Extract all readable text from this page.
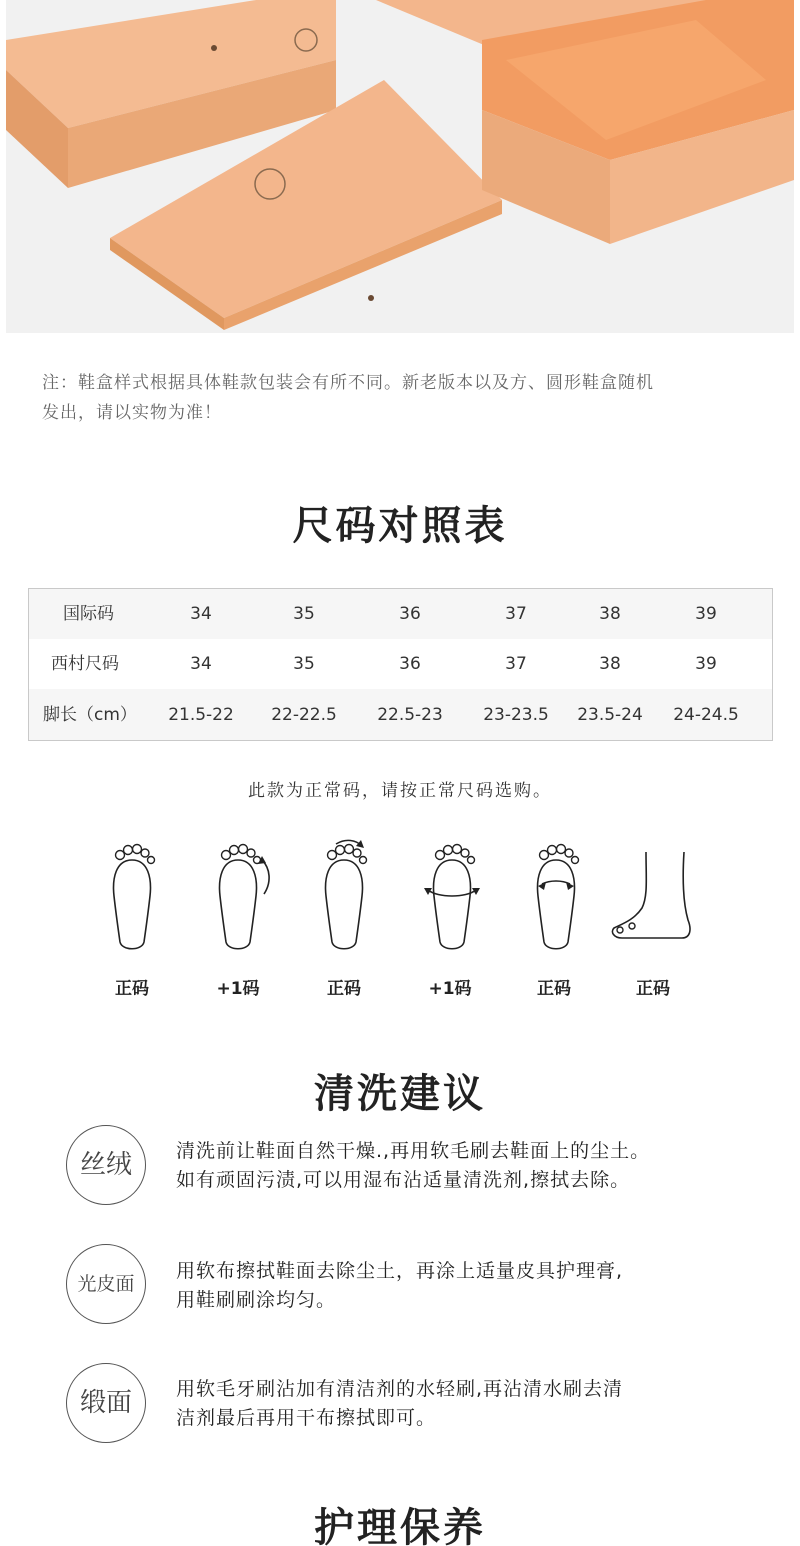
注：鞋盒样式根据具体鞋款包装会有所不同。新老版本以及方、圆形鞋盒随机
发出，请以实物为准！
尺码对照表
国际码	34	35	36	37	38	39
西村尺码	34	35	36	37	38	39
脚长（cm）	21.5-22	22-22.5	22.5-23	23-23.5	23.5-24	24-24.5
此款为正常码，请按正常尺码选购。
正码	+1码	正码	+1码	正码	正码
清洗建议
丝绒	清洗前让鞋面自然干燥.,再用软毛刷去鞋面上的尘土。
如有顽固污渍,可以用湿布沾适量清洗剂,擦拭去除。
光皮面
用软布擦拭鞋面去除尘土，再涂上适量皮具护理膏,
用鞋刷刷涂均匀。
缎面	用软毛牙刷沾加有清洁剂的水轻刷,再沾清水刷去清
洁剂最后再用干布擦拭即可。
护理保养
